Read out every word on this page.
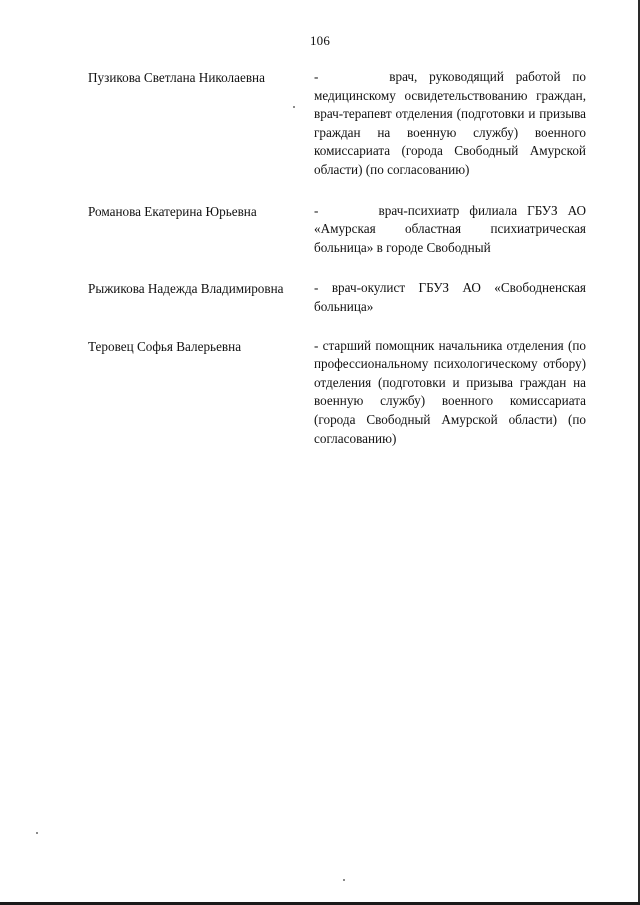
106
Пузикова Светлана Николаевна	-      врач, руководящий работой по медицинскому освидетельствованию граждан, врач-терапевт отделения (подготовки и призыва граждан на военную службу) военного комиссариата (города Свободный Амурской области) (по согласованию)
Романова Екатерина Юрьевна	-      врач-психиатр филиала ГБУЗ АО «Амурская областная психиатрическая больница» в городе Свободный
Рыжикова Надежда Владимировна	- врач-окулист ГБУЗ АО «Свободненская больница»
Теровец Софья Валерьевна	- старший помощник начальника отделения (по профессиональному психологическому отбору) отделения (подготовки и призыва граждан на военную службу) военного комиссариата (города Свободный Амурской области) (по согласованию)
